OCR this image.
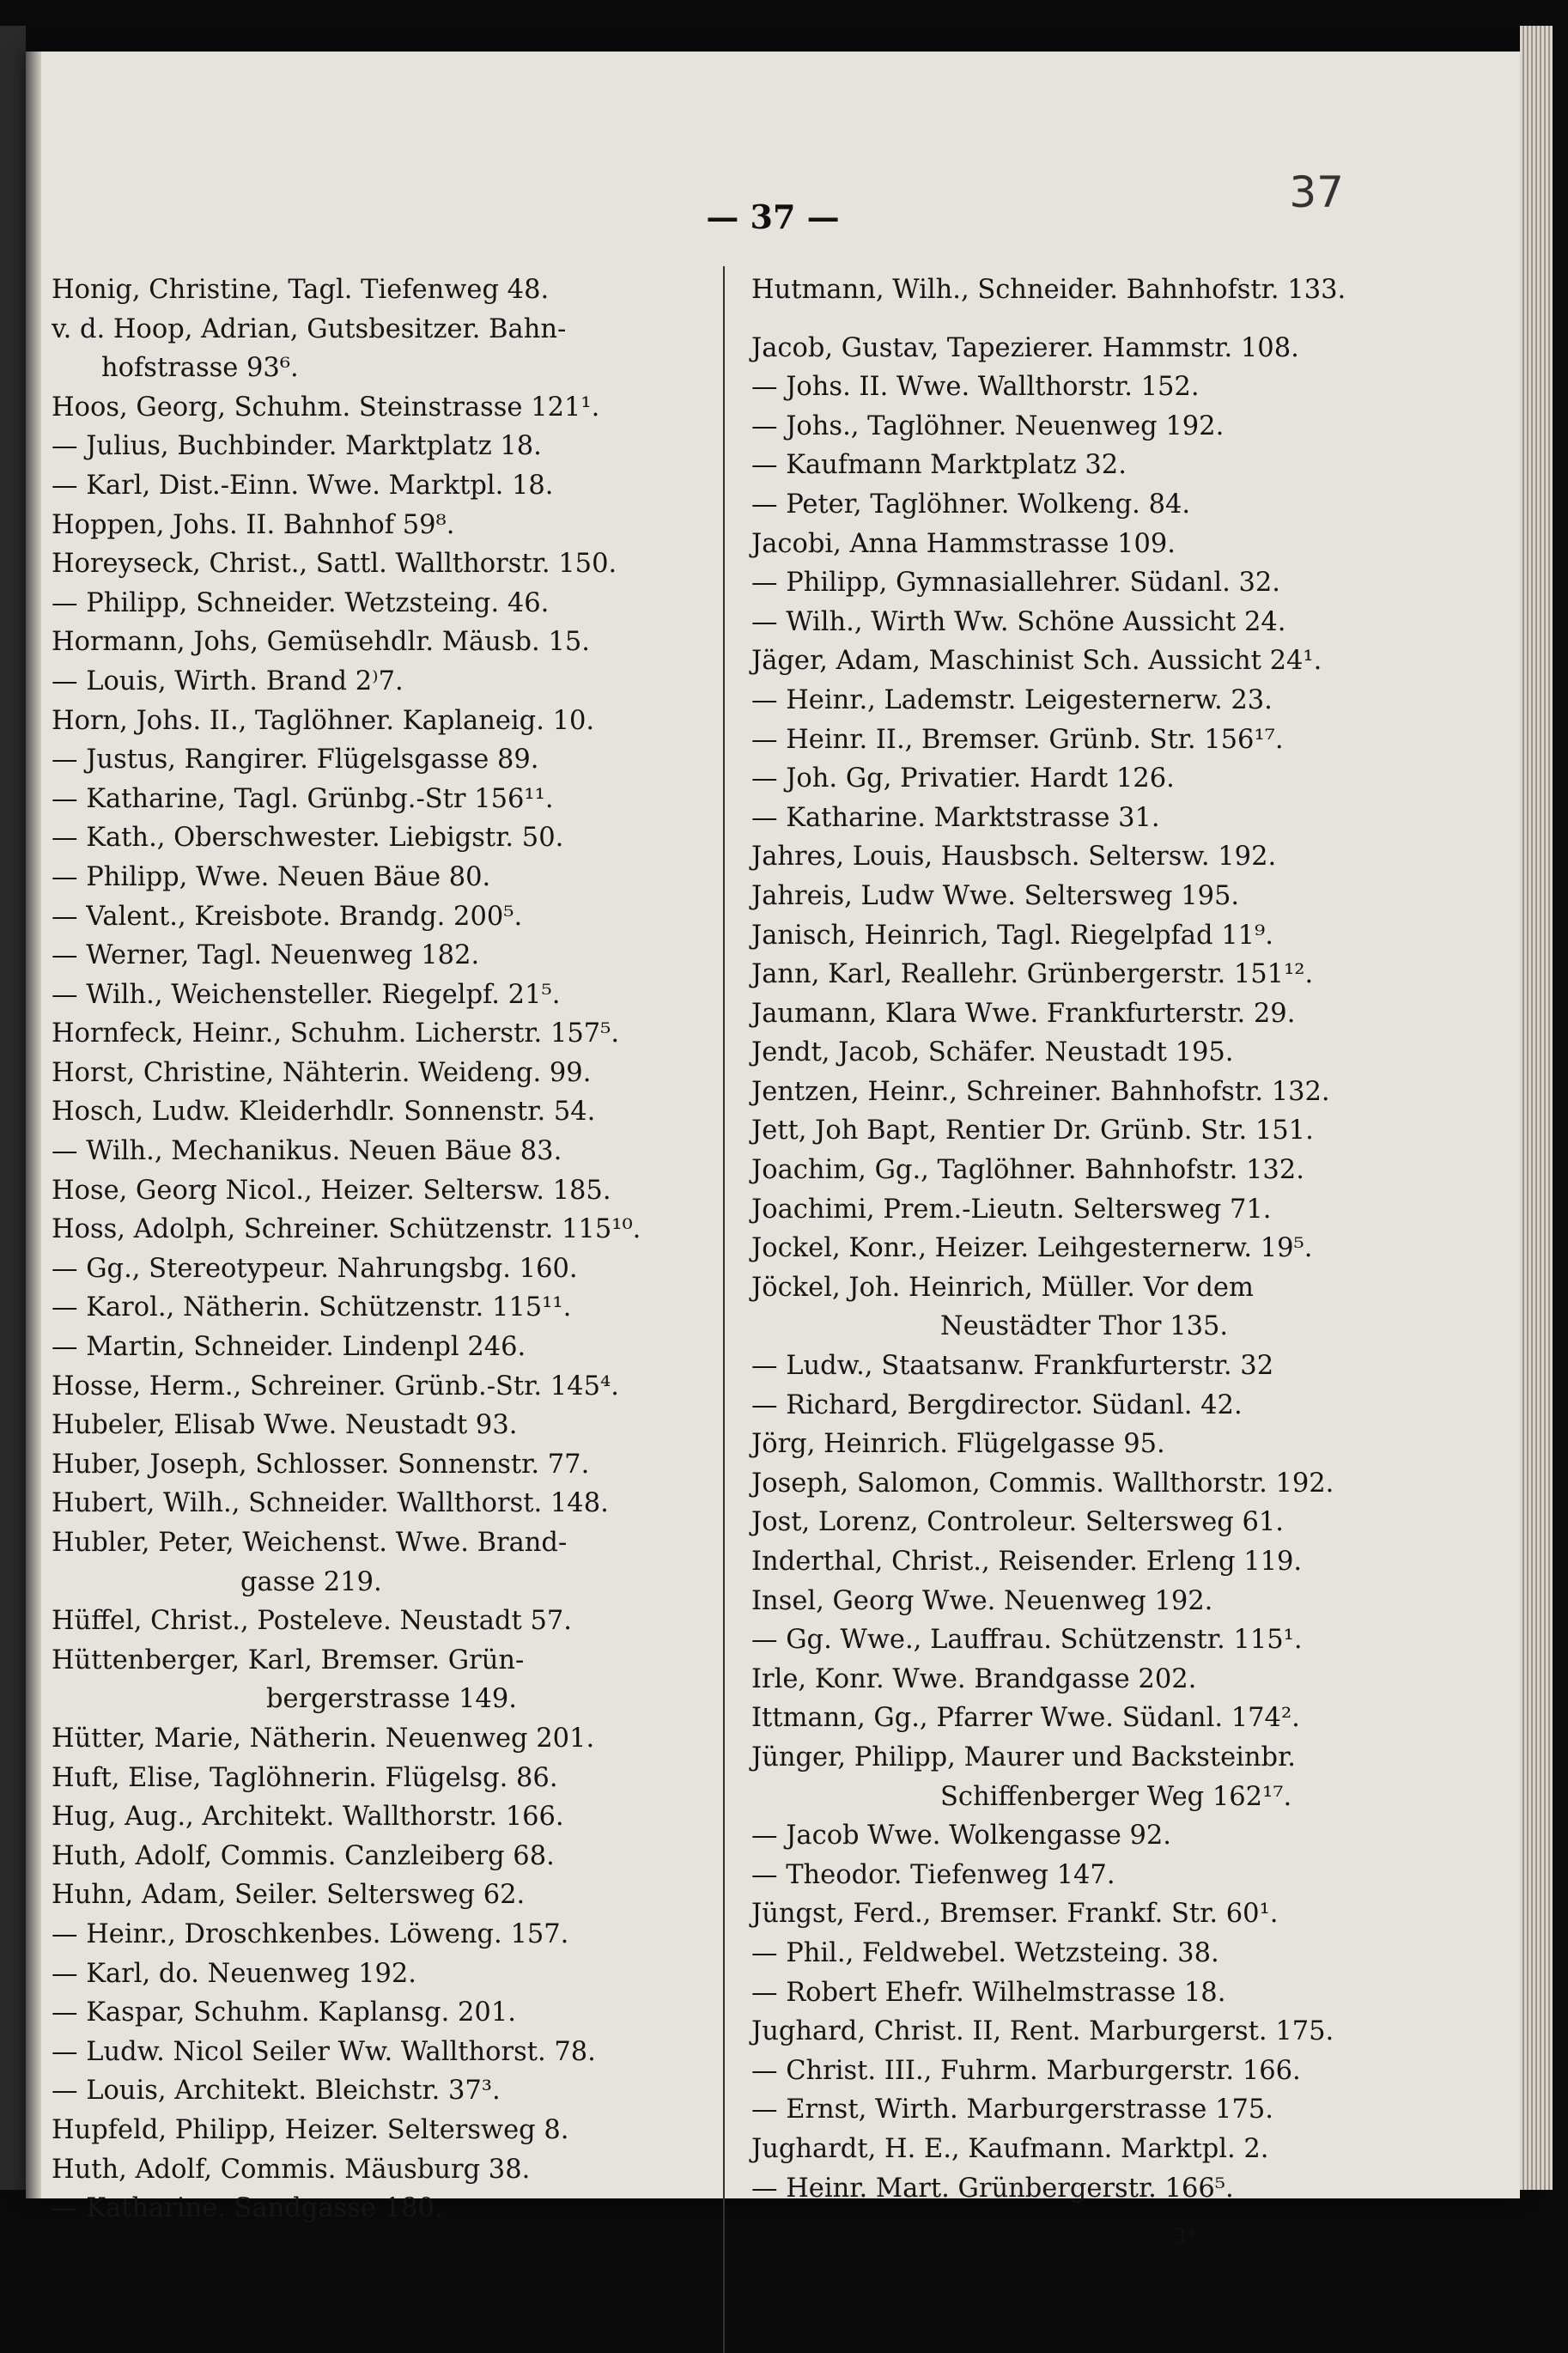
— 37 —	37
Honig, Christine, Tagl. Tiefenweg 48.
v. d. Hoop, Adrian, Gutsbesitzer. Bahn-
hofstrasse 93⁶.
Hoos, Georg, Schuhm. Steinstrasse 121¹.
— Julius, Buchbinder. Marktplatz 18.
— Karl, Dist.-Einn. Wwe. Marktpl. 18.
Hoppen, Johs. II. Bahnhof 59⁸.
Horeyseck, Christ., Sattl. Wallthorstr. 150.
— Philipp, Schneider. Wetzsteing. 46.
Hormann, Johs, Gemüsehdlr. Mäusb. 15.
— Louis, Wirth. Brand 2⁾7.
Horn, Johs. II., Taglöhner. Kaplaneig. 10.
— Justus, Rangirer. Flügelsgasse 89.
— Katharine, Tagl. Grünbg.-Str 156¹¹.
— Kath., Oberschwester. Liebigstr. 50.
— Philipp, Wwe. Neuen Bäue 80.
— Valent., Kreisbote. Brandg. 200⁵.
— Werner, Tagl. Neuenweg 182.
— Wilh., Weichensteller. Riegelpf. 21⁵.
Hornfeck, Heinr., Schuhm. Licherstr. 157⁵.
Horst, Christine, Nähterin. Weideng. 99.
Hosch, Ludw. Kleiderhdlr. Sonnenstr. 54.
— Wilh., Mechanikus. Neuen Bäue 83.
Hose, Georg Nicol., Heizer. Seltersw. 185.
Hoss, Adolph, Schreiner. Schützenstr. 115¹⁰.
— Gg., Stereotypeur. Nahrungsbg. 160.
— Karol., Nätherin. Schützenstr. 115¹¹.
— Martin, Schneider. Lindenpl 246.
Hosse, Herm., Schreiner. Grünb.-Str. 145⁴.
Hubeler, Elisab Wwe. Neustadt 93.
Huber, Joseph, Schlosser. Sonnenstr. 77.
Hubert, Wilh., Schneider. Wallthorst. 148.
Hubler, Peter, Weichenst. Wwe. Brand-
gasse 219.
Hüffel, Christ., Posteleve. Neustadt 57.
Hüttenberger, Karl, Bremser. Grün-
bergerstrasse 149.
Hütter, Marie, Nätherin. Neuenweg 201.
Huft, Elise, Taglöhnerin. Flügelsg. 86.
Hug, Aug., Architekt. Wallthorstr. 166.
Huth, Adolf, Commis. Canzleiberg 68.
Huhn, Adam, Seiler. Seltersweg 62.
— Heinr., Droschkenbes. Löweng. 157.
— Karl, do. Neuenweg 192.
— Kaspar, Schuhm. Kaplansg. 201.
— Ludw. Nicol Seiler Ww. Wallthorst. 78.
— Louis, Architekt. Bleichstr. 37³.
Hupfeld, Philipp, Heizer. Seltersweg 8.
Huth, Adolf, Commis. Mäusburg 38.
— Katharine. Sandgasse 180.
Hutmann, Wilh., Schneider. Bahnhofstr. 133.
Jacob, Gustav, Tapezierer. Hammstr. 108.
— Johs. II. Wwe. Wallthorstr. 152.
— Johs., Taglöhner. Neuenweg 192.
— Kaufmann Marktplatz 32.
— Peter, Taglöhner. Wolkeng. 84.
Jacobi, Anna Hammstrasse 109.
— Philipp, Gymnasiallehrer. Südanl. 32.
— Wilh., Wirth Ww. Schöne Aussicht 24.
Jäger, Adam, Maschinist Sch. Aussicht 24¹.
— Heinr., Lademstr. Leigesternerw. 23.
— Heinr. II., Bremser. Grünb. Str. 156¹⁷.
— Joh. Gg, Privatier. Hardt 126.
— Katharine. Marktstrasse 31.
Jahres, Louis, Hausbsch. Seltersw. 192.
Jahreis, Ludw Wwe. Seltersweg 195.
Janisch, Heinrich, Tagl. Riegelpfad 11⁹.
Jann, Karl, Reallehr. Grünbergerstr. 151¹².
Jaumann, Klara Wwe. Frankfurterstr. 29.
Jendt, Jacob, Schäfer. Neustadt 195.
Jentzen, Heinr., Schreiner. Bahnhofstr. 132.
Jett, Joh Bapt, Rentier Dr. Grünb. Str. 151.
Joachim, Gg., Taglöhner. Bahnhofstr. 132.
Joachimi, Prem.-Lieutn. Seltersweg 71.
Jockel, Konr., Heizer. Leihgesternerw. 19⁵.
Jöckel, Joh. Heinrich, Müller. Vor dem
Neustädter Thor 135.
— Ludw., Staatsanw. Frankfurterstr. 32
— Richard, Bergdirector. Südanl. 42.
Jörg, Heinrich. Flügelgasse 95.
Joseph, Salomon, Commis. Wallthorstr. 192.
Jost, Lorenz, Controleur. Seltersweg 61.
Inderthal, Christ., Reisender. Erleng 119.
Insel, Georg Wwe. Neuenweg 192.
— Gg. Wwe., Lauffrau. Schützenstr. 115¹.
Irle, Konr. Wwe. Brandgasse 202.
Ittmann, Gg., Pfarrer Wwe. Südanl. 174².
Jünger, Philipp, Maurer und Backsteinbr.
Schiffenberger Weg 162¹⁷.
— Jacob Wwe. Wolkengasse 92.
— Theodor. Tiefenweg 147.
Jüngst, Ferd., Bremser. Frankf. Str. 60¹.
— Phil., Feldwebel. Wetzsteing. 38.
— Robert Ehefr. Wilhelmstrasse 18.
Jughard, Christ. II, Rent. Marburgerst. 175.
— Christ. III., Fuhrm. Marburgerstr. 166.
— Ernst, Wirth. Marburgerstrasse 175.
Jughardt, H. E., Kaufmann. Marktpl. 2.
— Heinr. Mart. Grünbergerstr. 166⁵.
3*
